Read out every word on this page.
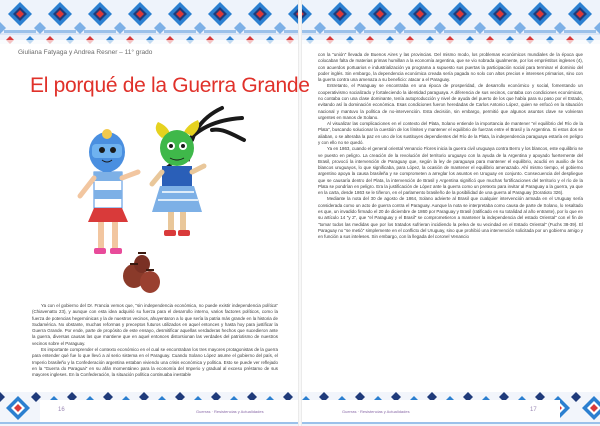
Giuliana Fatyaga y Andrea Resner – 11° grado
El porqué de la Guerra Grande

Ya con el gobierno del Dr. Francia vemos que, "sin independencia económica, no puede existir independencia política" (Chiavenatto 23), y aunque con esta idea adquirió su fuerza para el desarrollo interno, varios factores políticos, como la fuerza de potencias hegemónicas y la de nuestros vecinos, ahuyentaron a lo que sería la patria más grande en la historia de Sudamérica. No obstante, muchas reformas y preceptos futuros utilizados en aquel entonces y hasta hoy para justificar la Guerra Grande. Por ende, parte de propósito de este ensayo, desmitificar aquellas verdaderas hechos que sucedieron ante la guerra, diversas causas las que mantiene que en aquel entonces distorsionan las verdades del patriotismo de nuestros vecinos sobre el Paraguay.

Es importante comprender el contexto económico en el cual se encontraban los tres mayores protagonistas de la guerra para entender qué fue lo que llevó a al serio sistema en el Paraguay. Cuando Solano López asume el gobierno del país, el Imperio brasileño y la Confederación argentina estaban viviendo una crisis económica y política. Esto se puede ver reflejado en la "Guerra do Paraguai" en su afán momentáneo para la economía del Imperio y gradual al exceso préstamo de sus mayores ingleses. En la Confederación, la situación política continuaba inestable

con la "unión" llevada de Buenos Aires y las provincias. Del mismo modo, los problemas económicos mundiales de la época que colocaban falta de materias primas humillan a la economía argentina, que se vio sobrada igualmente, por los empréstitos ingleses (4), con acuerdos portuarios e industrialización ya programa a supuesto sus puertas la participación social para terminar el dominio del poder inglés. Sin embargo, la dependencia económica creada sería pagada no solo con altos precios e intereses primarios, sino con la guerra contra una amenaza a su beneficio: atacar a el Paraguay.

Entretanto, el Paraguay se encontraba en una época de prosperidad, de desarrollo económico y social, fomentando un cooperativismo socializado y fortaleciendo la identidad paraguaya. A diferencia de sus vecinos, contaba con condiciones económicas, no contaba con una clase dominante, tenía autoproducción y nivel de ayuda del puerto de los que había para su paso por el Estado, evitando así la dominación económica. Esas condiciones fueron heredadas de Carlos Antonio López, quien se enfocó en la situación nacional y mantuvo la política de no-intervención. Esta decisión, sin embargo, permitió que algunos asuntos clave se volvieran urgentes en manos de Solano.

Al visualizar las complicaciones en el contexto del Plata, Solano entiende la importancia de mantener "el equilibrio del Río de la Plata", buscando solucionar la cuestión de los límites y mantener el equilibrio de fuerzas entre el Brasil y la Argentina. Si estos dos se aliaban, o se alteraba la paz en uno de los sustituyes dependientes del Río de la Plata, la independencia paraguaya estaría en peligro y con ello no se quedó.

Ya en 1863, cuando el general oriental Venancio Flores inicia la guerra civil uruguaya contra Berro y los blancos, este equilibrio se ve puesto en peligro. La creación de la revolución del territorio uruguayo con la ayuda de la Argentina y apoyado fuertemente del Brasil, provocó la intervención de Paraguay que, según la ley de paraguaya para mantener el equilibrio, acudió en auxilio de los blancos uruguayos, lo que significaba, para López, la ocasión de mantener el equilibrio amenazado. Ahí mismo tiempo, el gobierno argentino apoya la causa brasileña y se comprometen a arreglar los asuntos en Uruguay en conjunto. Consecuencia del despliegue que se causaría dentro del Plata, la intervención de Brasil y Argentina significó que muchas fortificaciones del territorio y el río de la Plata se pondrían en peligro. Era la justificación de López ante la guerra como un pretexto para invitar al Paraguay a la guerra, ya que en la carta, desde 1863 se le tiñeron, en el parlamento brasileño de la posibilidad de una guerra al Paraguay (Doratioto 326).

Mediante la nota del 30 de agosto de 1864, Solano advierte al Brasil que cualquier intervención armada en el Uruguay sería considerada como un acto de guerra contra el Paraguay. Aunque la nota se interpretaba como causa de parte de Solano, lo resaltado es que, un invadido firmado el 20 de diciembre de 1860 por Paraguay y Brasil (ratificado en su totalidad al año entrante), por lo que en su artículo 14 "y 2", que "el Paraguay y el Brasil" se comprometieron a mantener la independencia del estado Oriental" con el fin de "tomar todos las medidas que por los tratados sufrieran incidiendo la pelea de su vecindad en el Estado Oriental" (Fuchs 38-39). El Paraguay no "se metió" simplemente en el conflicto del Uruguay, sino que prohibió una intervención solicitada por un gobierno amigo y en función a sus inteleses. Sin embargo, con la llegada del coronel Venancio

16	Guerras · Resistencias y Actualidades	Guerras · Resistencias y Actualidades	17
